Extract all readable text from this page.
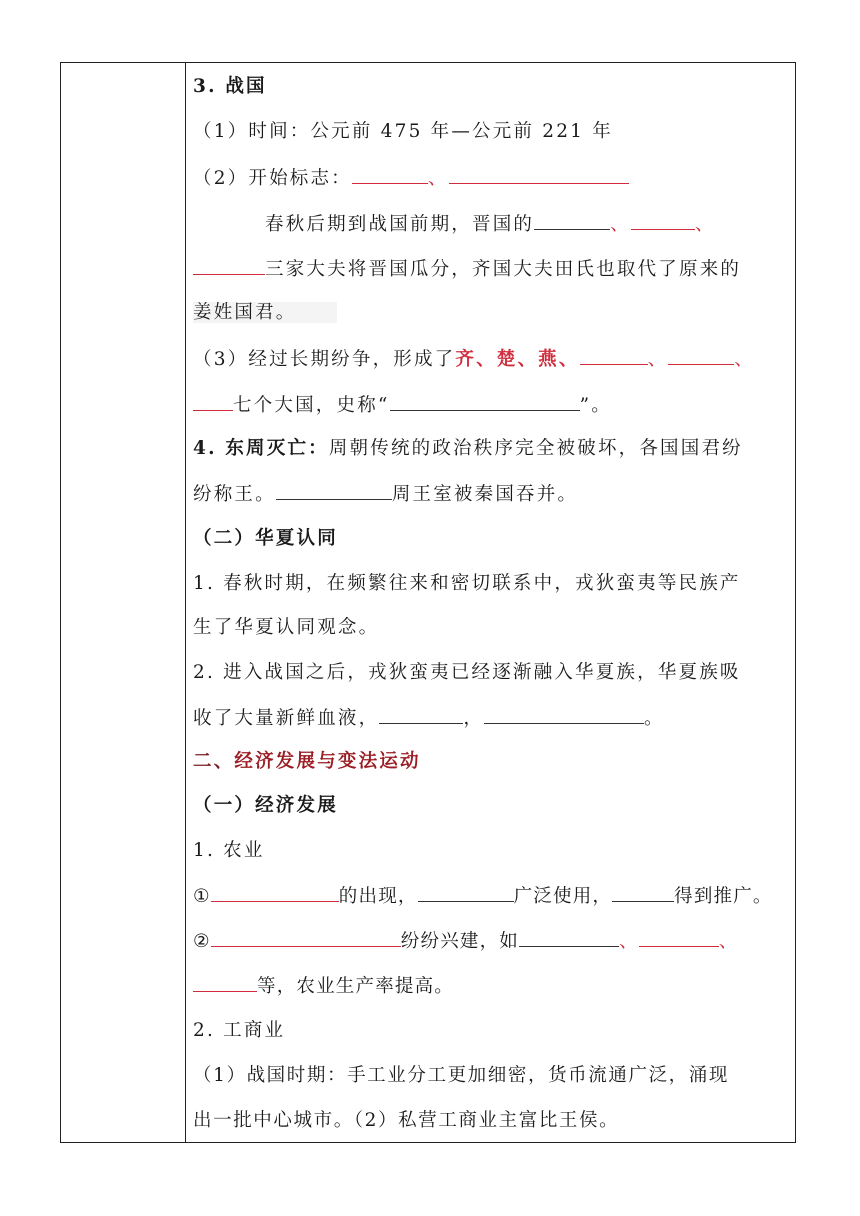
3. 战国
（1）时间：公元前 475 年—公元前 221 年
（2）开始标志：	、
春秋后期到战国前期，晋国的	、	、
三家大夫将晋国瓜分，齐国大夫田氏也取代了原来的
姜姓国君。
（3）经过长期纷争，形成了齐、楚、燕、	、	、
七个大国，史称“	”。
4. 东周灭亡：周朝传统的政治秩序完全被破坏，各国国君纷
纷称王。	周王室被秦国吞并。
（二）华夏认同
1. 春秋时期，在频繁往来和密切联系中，戎狄蛮夷等民族产
生了华夏认同观念。
2. 进入战国之后，戎狄蛮夷已经逐渐融入华夏族，华夏族吸
收了大量新鲜血液，	，	。
二、经济发展与变法运动
（一）经济发展
1. 农业
①	的出现，	广泛使用，	得到推广。
②	纷纷兴建，如	、	、
等，农业生产率提高。
2. 工商业
（1）战国时期：手工业分工更加细密，货币流通广泛，涌现
出一批中心城市。（2）私营工商业主富比王侯。
